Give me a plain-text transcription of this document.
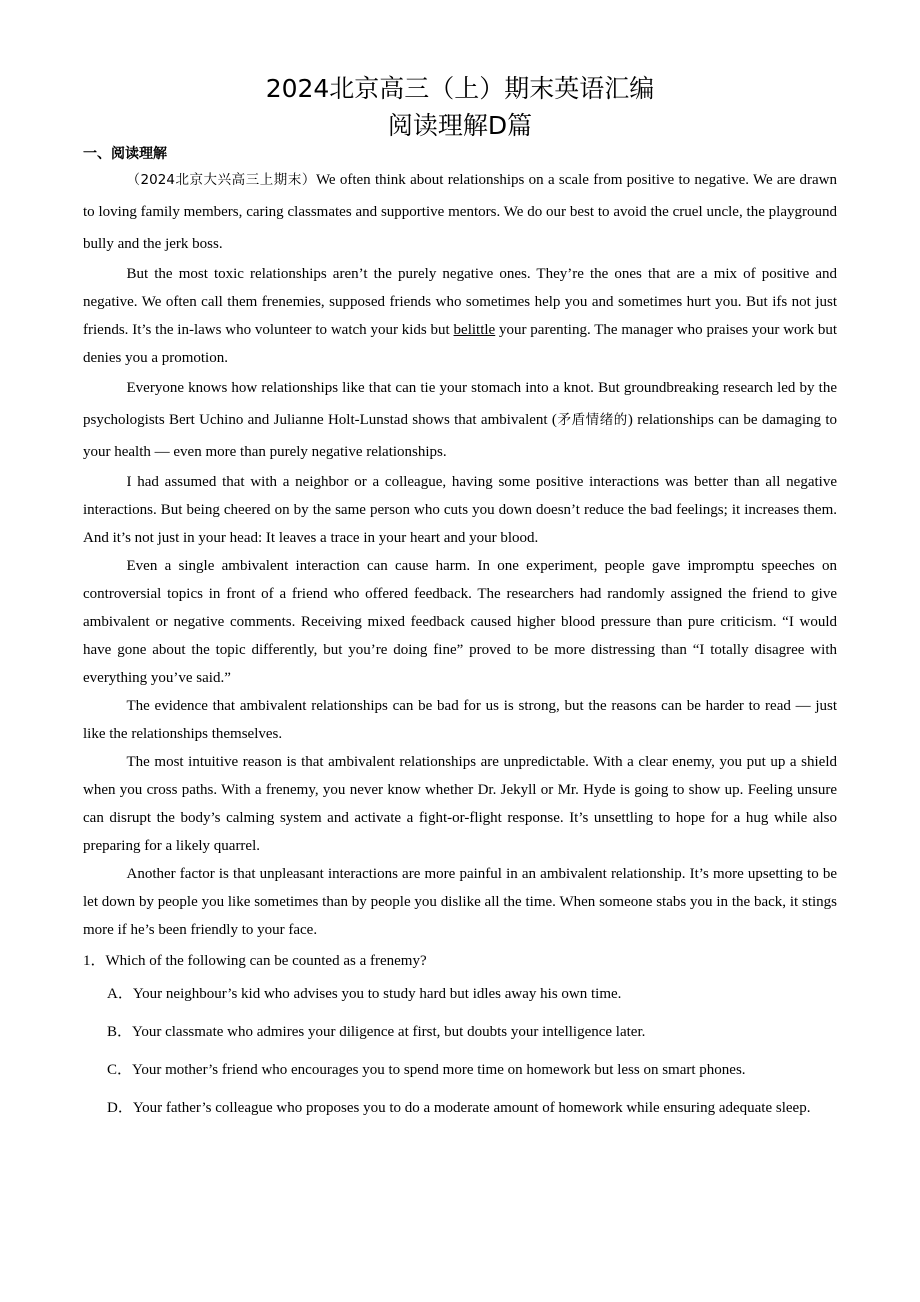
2024北京高三（上）期末英语汇编
阅读理解D篇
一、阅读理解

（2024北京大兴高三上期末）We often think about relationships on a scale from positive to negative. We are drawn to loving family members, caring classmates and supportive mentors. We do our best to avoid the cruel uncle, the playground bully and the jerk boss.

But the most toxic relationships aren’t the purely negative ones. They’re the ones that are a mix of positive and negative. We often call them frenemies, supposed friends who sometimes help you and sometimes hurt you. But ifs not just friends. It’s the in-laws who volunteer to watch your kids but belittle your parenting. The manager who praises your work but denies you a promotion.

Everyone knows how relationships like that can tie your stomach into a knot. But groundbreaking research led by the psychologists Bert Uchino and Julianne Holt-Lunstad shows that ambivalent (矛盾情绪的) relationships can be damaging to your health — even more than purely negative relationships.

I had assumed that with a neighbor or a colleague, having some positive interactions was better than all negative interactions. But being cheered on by the same person who cuts you down doesn’t reduce the bad feelings; it increases them. And it’s not just in your head: It leaves a trace in your heart and your blood.

Even a single ambivalent interaction can cause harm. In one experiment, people gave impromptu speeches on controversial topics in front of a friend who offered feedback. The researchers had randomly assigned the friend to give ambivalent or negative comments. Receiving mixed feedback caused higher blood pressure than pure criticism. “I would have gone about the topic differently, but you’re doing fine” proved to be more distressing than “I totally disagree with everything you’ve said.”

The evidence that ambivalent relationships can be bad for us is strong, but the reasons can be harder to read — just like the relationships themselves.

The most intuitive reason is that ambivalent relationships are unpredictable. With a clear enemy, you put up a shield when you cross paths. With a frenemy, you never know whether Dr. Jekyll or Mr. Hyde is going to show up. Feeling unsure can disrupt the body’s calming system and activate a fight-or-flight response. It’s unsettling to hope for a hug while also preparing for a likely quarrel.

Another factor is that unpleasant interactions are more painful in an ambivalent relationship. It’s more upsetting to be let down by people you like sometimes than by people you dislike all the time. When someone stabs you in the back, it stings more if he’s been friendly to your face.

1．Which of the following can be counted as a frenemy?

A．Your neighbour’s kid who advises you to study hard but idles away his own time.

B．Your classmate who admires your diligence at first, but doubts your intelligence later.

C．Your mother’s friend who encourages you to spend more time on homework but less on smart phones.

D．Your father’s colleague who proposes you to do a moderate amount of homework while ensuring adequate sleep.
